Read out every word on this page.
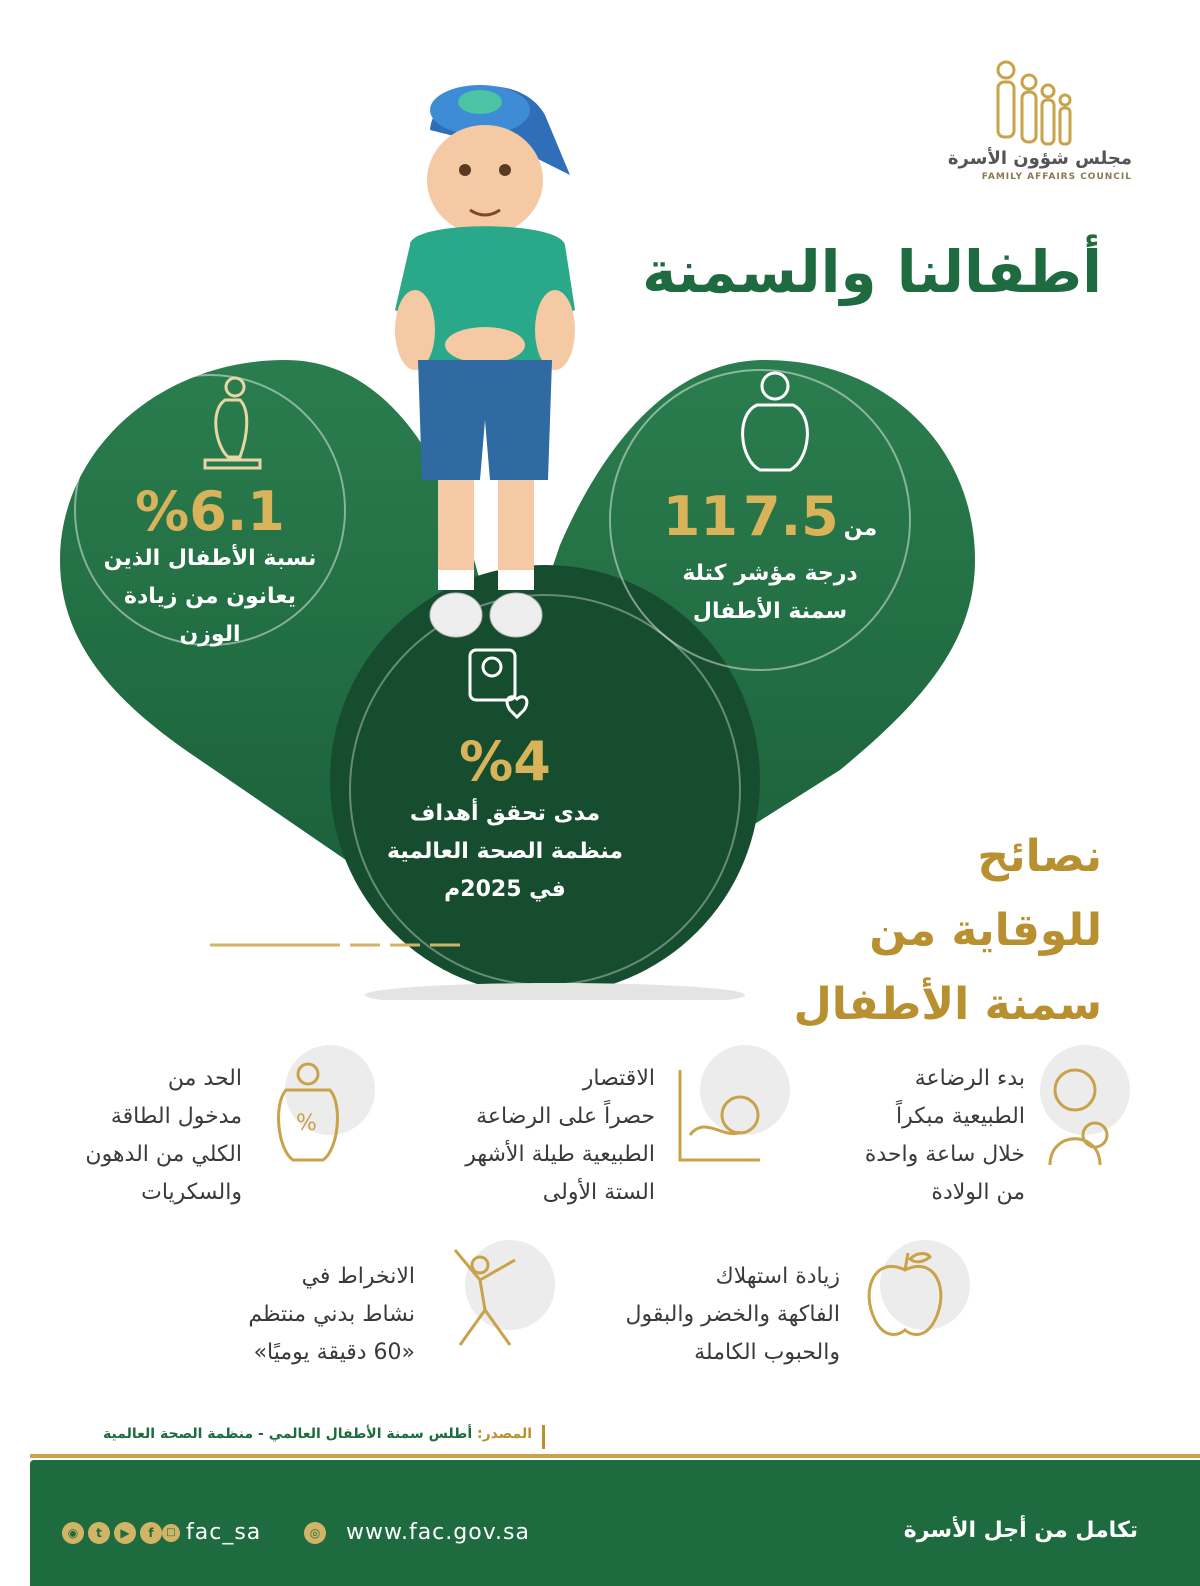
مجلس شؤون الأسرة
FAMILY AFFAIRS COUNCIL
أطفالنا والسمنة
%6.1
نسبة الأطفال الذين
يعانون من زيادة
الوزن
11	من 7.5
درجة مؤشر كتلة
سمنة الأطفال
%4
مدى تحقق أهداف
منظمة الصحة العالمية
في 2025م
نصائح
للوقاية من
سمنة الأطفال
بدء الرضاعة
الطبيعية مبكراً
خلال ساعة واحدة
من الولادة
الاقتصار
حصراً على الرضاعة
الطبيعية طيلة الأشهر
الستة الأولى
%
الحد من
مدخول الطاقة
الكلي من الدهون
والسكريات
زيادة استهلاك
الفاكهة والخضر والبقول
والحبوب الكاملة
الانخراط في
نشاط بدني منتظم
«60 دقيقة يوميًا»
المصدر: أطلس سمنة الأطفال العالمي - منظمة الصحة العالمية
تكامل من أجل الأسرة
◎ www.fac.gov.sa
fac_sa
◉	t	▶	f	□
